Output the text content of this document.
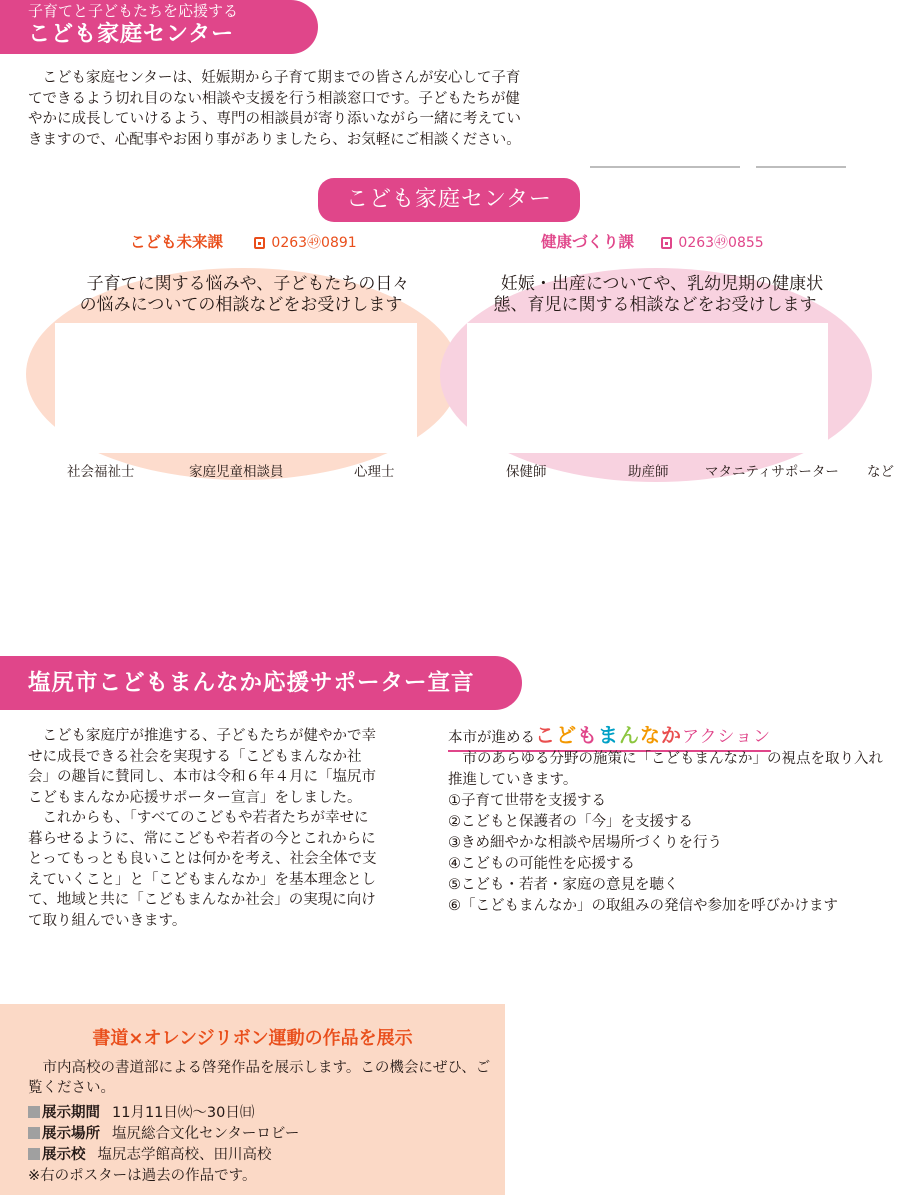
子育てと子どもたちを応援する
こども家庭センター

こども家庭センターは、妊娠期から子育て期までの皆さんが安心して子育てできるよう切れ目のない相談や支援を行う相談窓口です。子どもたちが健やかに成長していけるよう、専門の相談員が寄り添いながら一緒に考えていきますので、心配事やお困り事がありましたら、お気軽にご相談ください。

こども家庭センター
こども未来課	0263㊾0891	健康づくり課	0263㊾0855
子育てに関する悩みや、子どもたちの日々
の悩みについての相談などをお受けします
妊娠・出産についてや、乳幼児期の健康状
態、育児に関する相談などをお受けします
社会福祉士	家庭児童相談員	心理士	保健師	助産師	マタニティサポーター など
塩尻市こどもまんなか応援サポーター宣言

こども家庭庁が推進する、子どもたちが健やかで幸せに成長できる社会を実現する「こどもまんなか社会」の趣旨に賛同し、本市は令和６年４月に「塩尻市こどもまんなか応援サポーター宣言」をしました。

これからも、「すべてのこどもや若者たちが幸せに暮らせるように、常にこどもや若者の今とこれからにとってもっとも良いことは何かを考え、社会全体で支えていくこと」と「こどもまんなか」を基本理念として、地域と共に「こどもまんなか社会」の実現に向けて取り組んでいきます。

本市が進めるこどもまんなかアクション

市のあらゆる分野の施策に「こどもまんなか」の視点を取り入れ推進していきます。

①子育て世帯を支援する
②こどもと保護者の「今」を支援する
③きめ細やかな相談や居場所づくりを行う
④こどもの可能性を応援する
⑤こども・若者・家庭の意見を聴く
⑥「こどもまんなか」の取組みの発信や参加を呼びかけます
書道×オレンジリボン運動の作品を展示

市内高校の書道部による啓発作品を展示します。この機会にぜひ、ご覧ください。

展示期間 11月11日㈫～30日㈰
展示場所 塩尻総合文化センターロビー
展示校 塩尻志学館高校、田川高校
※右のポスターは過去の作品です。
